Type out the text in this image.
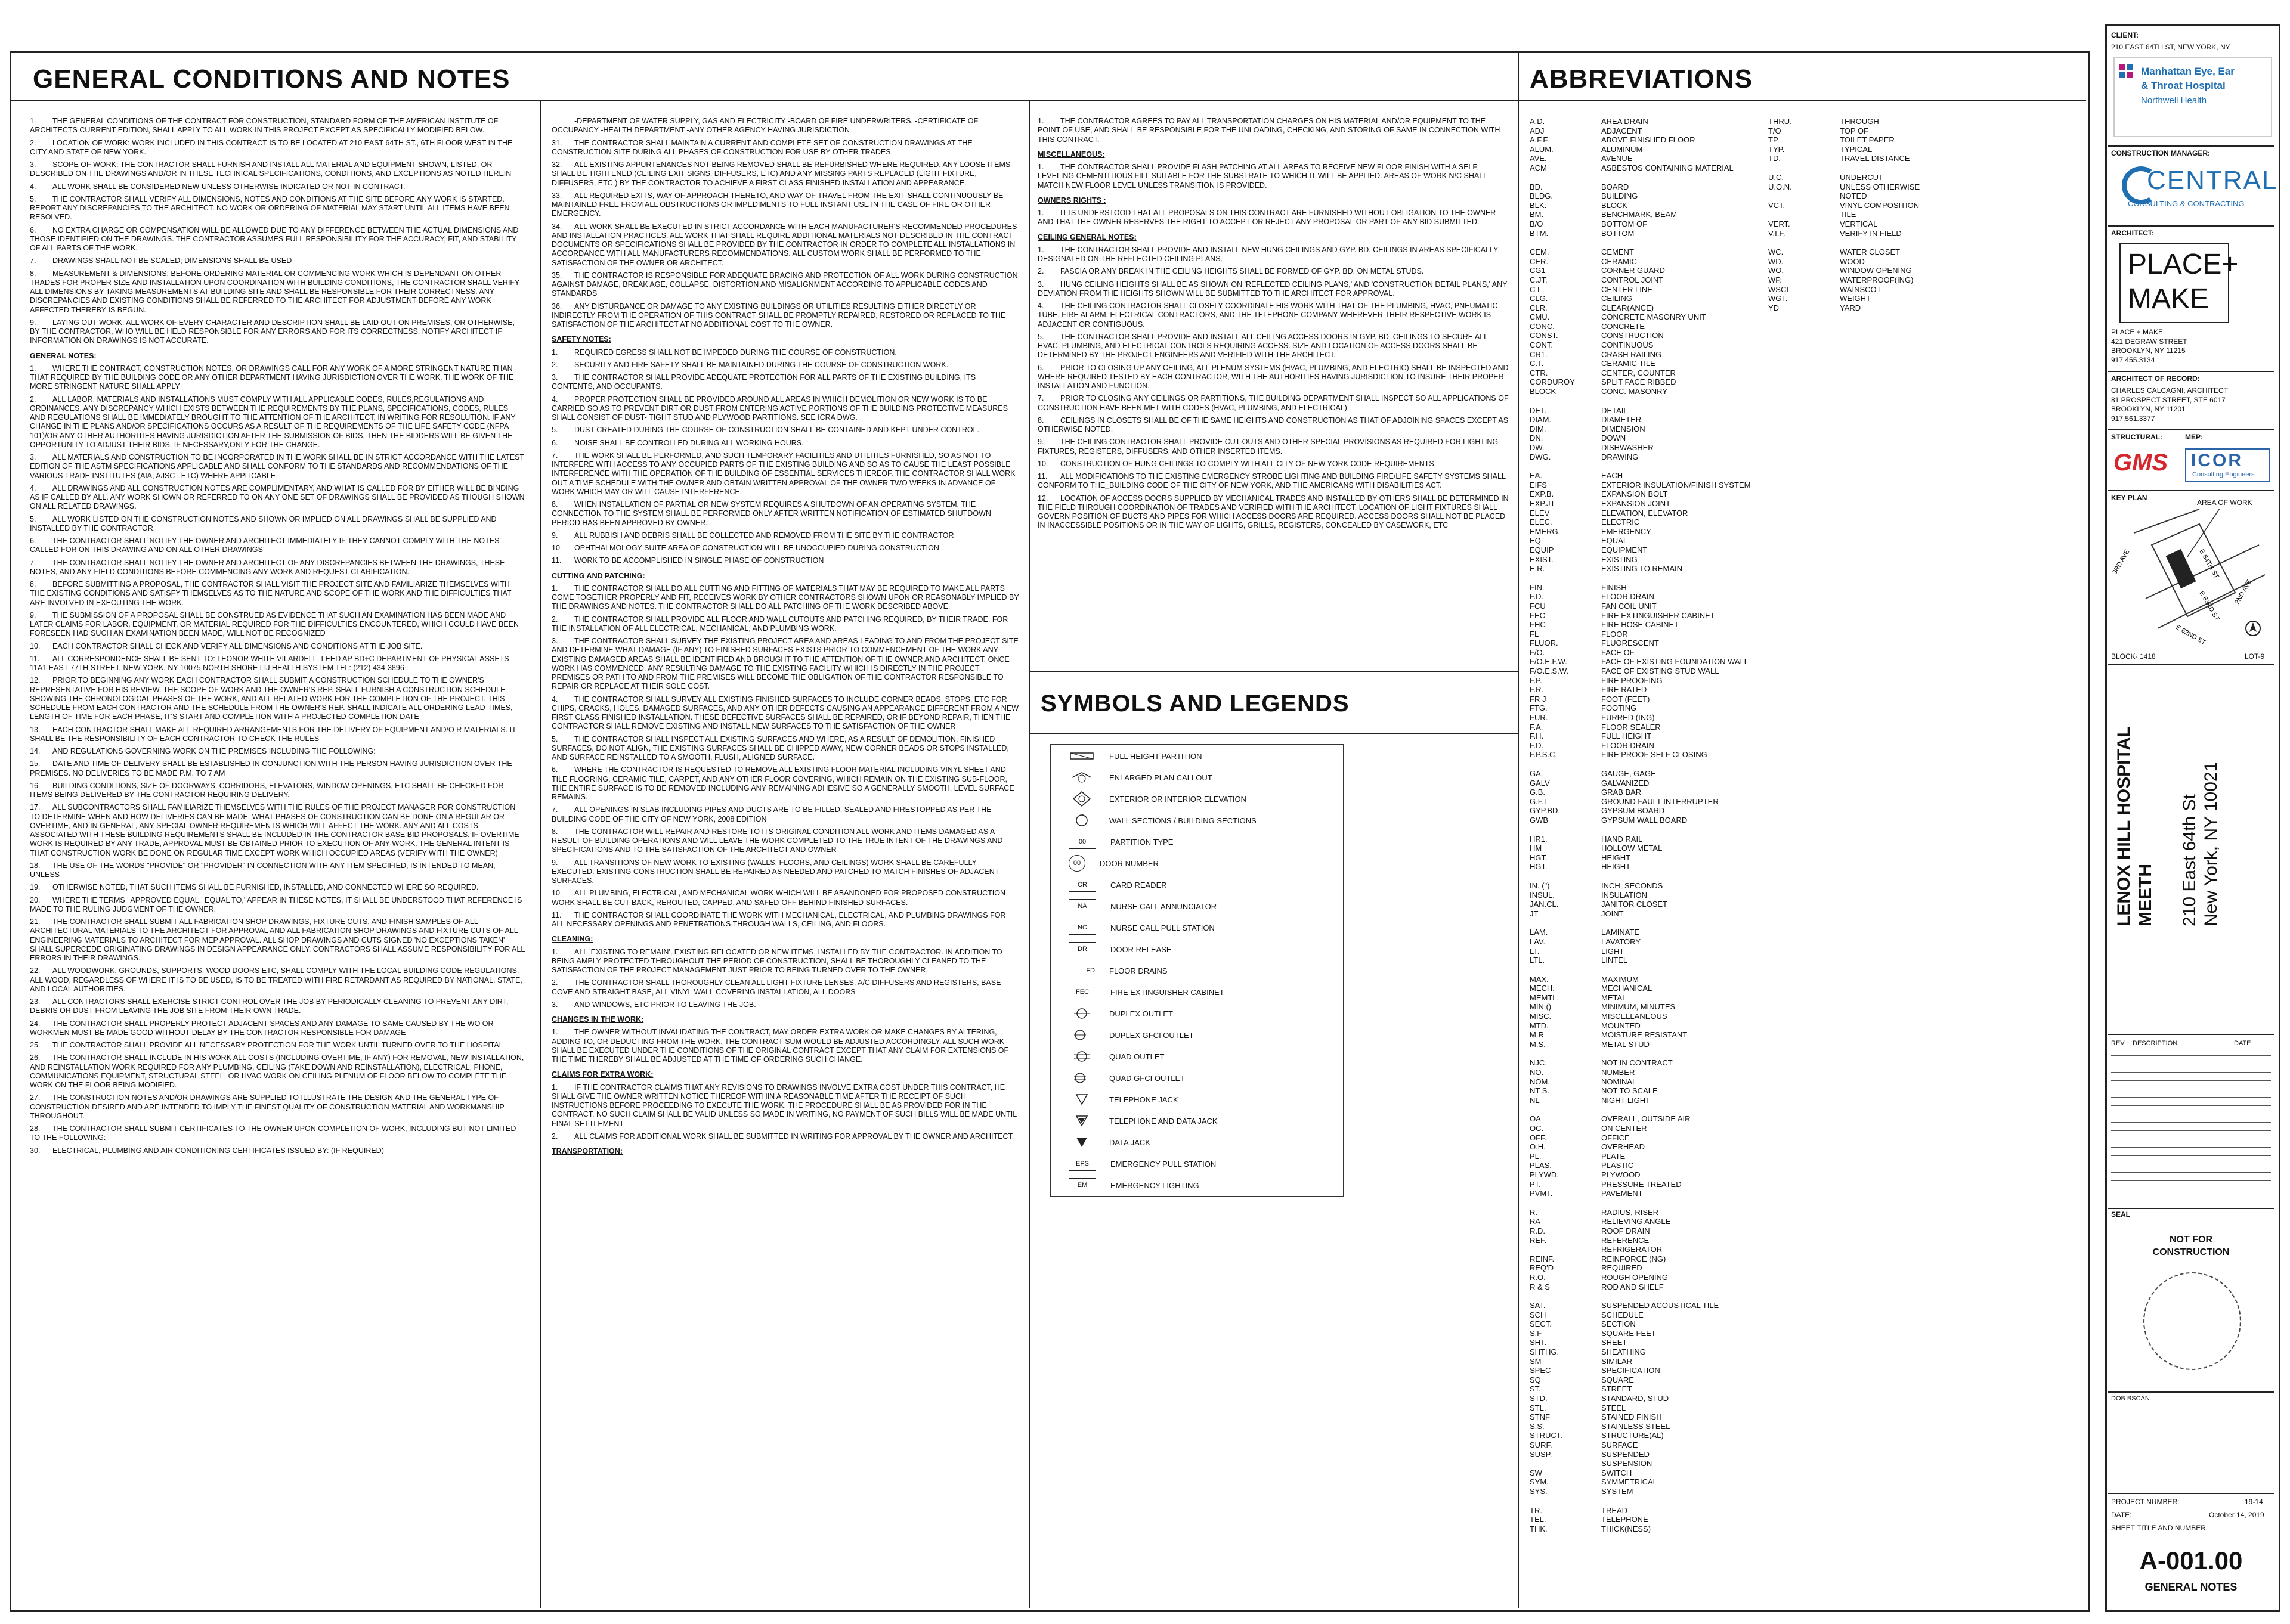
GENERAL CONDITIONS AND NOTES	ABBREVIATIONS

1. THE GENERAL CONDITIONS OF THE CONTRACT FOR CONSTRUCTION, STANDARD FORM OF THE AMERICAN INSTITUTE OF ARCHITECTS CURRENT EDITION, SHALL APPLY TO ALL WORK IN THIS PROJECT EXCEPT AS SPECIFICALLY MODIFIED BELOW.

2. LOCATION OF WORK: WORK INCLUDED IN THIS CONTRACT IS TO BE LOCATED AT 210 EAST 64TH ST., 6TH FLOOR WEST IN THE CITY AND STATE OF NEW YORK.

3. SCOPE OF WORK: THE CONTRACTOR SHALL FURNISH AND INSTALL ALL MATERIAL AND EQUIPMENT SHOWN, LISTED, OR DESCRIBED ON THE DRAWINGS AND/OR IN THESE TECHNICAL SPECIFICATIONS, CONDITIONS, AND EXCEPTIONS AS NOTED HEREIN

4. ALL WORK SHALL BE CONSIDERED NEW UNLESS OTHERWISE INDICATED OR NOT IN CONTRACT.

5. THE CONTRACTOR SHALL VERIFY ALL DIMENSIONS, NOTES AND CONDITIONS AT THE SITE BEFORE ANY WORK IS STARTED. REPORT ANY DISCREPANCIES TO THE ARCHITECT. NO WORK OR ORDERING OF MATERIAL MAY START UNTIL ALL ITEMS HAVE BEEN RESOLVED.

6. NO EXTRA CHARGE OR COMPENSATION WILL BE ALLOWED DUE TO ANY DIFFERENCE BETWEEN THE ACTUAL DIMENSIONS AND THOSE IDENTIFIED ON THE DRAWINGS. THE CONTRACTOR ASSUMES FULL RESPONSIBILITY FOR THE ACCURACY, FIT, AND STABILITY OF ALL PARTS OF THE WORK.

7. DRAWINGS SHALL NOT BE SCALED; DIMENSIONS SHALL BE USED

8. MEASUREMENT & DIMENSIONS: BEFORE ORDERING MATERIAL OR COMMENCING WORK WHICH IS DEPENDANT ON OTHER TRADES FOR PROPER SIZE AND INSTALLATION UPON COORDINATION WITH BUILDING CONDITIONS, THE CONTRACTOR SHALL VERIFY ALL DIMENSIONS BY TAKING MEASUREMENTS AT BUILDING SITE AND SHALL BE RESPONSIBLE FOR THEIR CORRECTNESS. ANY DISCREPANCIES AND EXISTING CONDITIONS SHALL BE REFERRED TO THE ARCHITECT FOR ADJUSTMENT BEFORE ANY WORK AFFECTED THEREBY IS BEGUN.

9. LAYING OUT WORK: ALL WORK OF EVERY CHARACTER AND DESCRIPTION SHALL BE LAID OUT ON PREMISES, OR OTHERWISE, BY THE CONTRACTOR, WHO WILL BE HELD RESPONSIBLE FOR ANY ERRORS AND FOR ITS CORRECTNESS. NOTIFY ARCHITECT IF INFORMATION ON DRAWINGS IS NOT ACCURATE.

GENERAL NOTES:

1. WHERE THE CONTRACT, CONSTRUCTION NOTES, OR DRAWINGS CALL FOR ANY WORK OF A MORE STRINGENT NATURE THAN THAT REQUIRED BY THE BUILDING CODE OR ANY OTHER DEPARTMENT HAVING JURISDICTION OVER THE WORK, THE WORK OF THE MORE STRINGENT NATURE SHALL APPLY

2. ALL LABOR, MATERIALS AND INSTALLATIONS MUST COMPLY WITH ALL APPLICABLE CODES, RULES,REGULATIONS AND ORDINANCES. ANY DISCREPANCY WHICH EXISTS BETWEEN THE REQUIREMENTS BY THE PLANS, SPECIFICATIONS, CODES, RULES AND REGULATIONS SHALL BE IMMEDIATELY BROUGHT TO THE ATTENTION OF THE ARCHITECT, IN WRITING FOR RESOLUTION. IF ANY CHANGE IN THE PLANS AND/OR SPECIFICATIONS OCCURS AS A RESULT OF THE REQUIREMENTS OF THE LIFE SAFETY CODE (NFPA 101)/OR ANY OTHER AUTHORITIES HAVING JURISDICTION AFTER THE SUBMISSION OF BIDS, THEN THE BIDDERS WILL BE GIVEN THE OPPORTUNITY TO ADJUST THEIR BIDS, IF NECESSARY,ONLY FOR THE CHANGE.

3. ALL MATERIALS AND CONSTRUCTION TO BE INCORPORATED IN THE WORK SHALL BE IN STRICT ACCORDANCE WITH THE LATEST EDITION OF THE ASTM SPECIFICATIONS APPLICABLE AND SHALL CONFORM TO THE STANDARDS AND RECOMMENDATIONS OF THE VARIOUS TRADE INSTITUTES (AIA, AJSC , ETC) WHERE APPLICABLE

4. ALL DRAWINGS AND ALL CONSTRUCTION NOTES ARE COMPLIMENTARY, AND WHAT IS CALLED FOR BY EITHER WILL BE BINDING AS IF CALLED BY ALL. ANY WORK SHOWN OR REFERRED TO ON ANY ONE SET OF DRAWINGS SHALL BE PROVIDED AS THOUGH SHOWN ON ALL RELATED DRAWINGS.

5. ALL WORK LISTED ON THE CONSTRUCTION NOTES AND SHOWN OR IMPLIED ON ALL DRAWINGS SHALL BE SUPPLIED AND INSTALLED BY THE CONTRACTOR.

6. THE CONTRACTOR SHALL NOTIFY THE OWNER AND ARCHITECT IMMEDIATELY IF THEY CANNOT COMPLY WITH THE NOTES CALLED FOR ON THIS DRAWING AND ON ALL OTHER DRAWINGS

7. THE CONTRACTOR SHALL NOTIFY THE OWNER AND ARCHITECT OF ANY DISCREPANCIES BETWEEN THE DRAWINGS, THESE NOTES, AND ANY FIELD CONDITIONS BEFORE COMMENCING ANY WORK AND REQUEST CLARIFICATION.

8. BEFORE SUBMITTING A PROPOSAL, THE CONTRACTOR SHALL VISIT THE PROJECT SITE AND FAMILIARIZE THEMSELVES WITH THE EXISTING CONDITIONS AND SATISFY THEMSELVES AS TO THE NATURE AND SCOPE OF THE WORK AND THE DIFFICULTIES THAT ARE INVOLVED IN EXECUTING THE WORK.

9. THE SUBMISSION OF A PROPOSAL SHALL BE CONSTRUED AS EVIDENCE THAT SUCH AN EXAMINATION HAS BEEN MADE AND LATER CLAIMS FOR LABOR, EQUIPMENT, OR MATERIAL REQUIRED FOR THE DIFFICULTIES ENCOUNTERED, WHICH COULD HAVE BEEN FORESEEN HAD SUCH AN EXAMINATION BEEN MADE, WILL NOT BE RECOGNIZED

10. EACH CONTRACTOR SHALL CHECK AND VERIFY ALL DIMENSIONS AND CONDITIONS AT THE JOB SITE.

11. ALL CORRESPONDENCE SHALL BE SENT TO: LEONOR WHITE VILARDELL, LEED AP BD+C DEPARTMENT OF PHYSICAL ASSETS 11A1 EAST 77TH STREET, NEW YORK, NY 10075 NORTH SHORE LIJ HEALTH SYSTEM TEL: (212) 434-3896

12. PRIOR TO BEGINNING ANY WORK EACH CONTRACTOR SHALL SUBMIT A CONSTRUCTION SCHEDULE TO THE OWNER'S REPRESENTATIVE FOR HIS REVIEW. THE SCOPE OF WORK AND THE OWNER'S REP. SHALL FURNISH A CONSTRUCTION SCHEDULE SHOWING THE CHRONOLOGICAL PHASES OF THE WORK, AND ALL RELATED WORK FOR THE COMPLETION OF THE PROJECT. THIS SCHEDULE FROM EACH CONTRACTOR AND THE SCHEDULE FROM THE OWNER'S REP. SHALL INDICATE ALL ORDERING LEAD-TIMES, LENGTH OF TIME FOR EACH PHASE, IT'S START AND COMPLETION WITH A PROJECTED COMPLETION DATE

13. EACH CONTRACTOR SHALL MAKE ALL REQUIRED ARRANGEMENTS FOR THE DELIVERY OF EQUIPMENT AND/O R MATERIALS. IT SHALL BE THE RESPONSIBILITY OF EACH CONTRACTOR TO CHECK THE RULES

14. AND REGULATIONS GOVERNING WORK ON THE PREMISES INCLUDING THE FOLLOWING:

15. DATE AND TIME OF DELIVERY SHALL BE ESTABLISHED IN CONJUNCTION WITH THE PERSON HAVING JURISDICTION OVER THE PREMISES. NO DELIVERIES TO BE MADE P.M. TO 7 AM

16. BUILDING CONDITIONS, SIZE OF DOORWAYS, CORRIDORS, ELEVATORS, WINDOW OPENINGS, ETC SHALL BE CHECKED FOR ITEMS BEING DELIVERED BY THE CONTRACTOR REQUIRING DELIVERY.

17. ALL SUBCONTRACTORS SHALL FAMILIARIZE THEMSELVES WITH THE RULES OF THE PROJECT MANAGER FOR CONSTRUCTION TO DETERMINE WHEN AND HOW DELIVERIES CAN BE MADE, WHAT PHASES OF CONSTRUCTION CAN BE DONE ON A REGULAR OR OVERTIME, AND IN GENERAL, ANY SPECIAL OWNER REQUIREMENTS WHICH WILL AFFECT THE WORK. ANY AND ALL COSTS ASSOCIATED WITH THESE BUILDING REQUIREMENTS SHALL BE INCLUDED IN THE CONTRACTOR BASE BID PROPOSALS. IF OVERTIME WORK IS REQUIRED BY ANY TRADE, APPROVAL MUST BE OBTAINED PRIOR TO EXECUTION OF ANY WORK. THE GENERAL INTENT IS THAT CONSTRUCTION WORK BE DONE ON REGULAR TIME EXCEPT WORK WHICH OCCUPIED AREAS (VERIFY WITH THE OWNER)

18. THE USE OF THE WORDS "PROVIDE" OR "PROVIDER" IN CONNECTION WITH ANY ITEM SPECIFIED, IS INTENDED TO MEAN, UNLESS

19. OTHERWISE NOTED, THAT SUCH ITEMS SHALL BE FURNISHED, INSTALLED, AND CONNECTED WHERE SO REQUIRED.

20. WHERE THE TERMS ' APPROVED EQUAL,' EQUAL TO,' APPEAR IN THESE NOTES, IT SHALL BE UNDERSTOOD THAT REFERENCE IS MADE TO THE RULING JUDGMENT OF THE OWNER.

21. THE CONTRACTOR SHALL SUBMIT ALL FABRICATION SHOP DRAWINGS, FIXTURE CUTS, AND FINISH SAMPLES OF ALL ARCHITECTURAL MATERIALS TO THE ARCHITECT FOR APPROVAL AND ALL FABRICATION SHOP DRAWINGS AND FIXTURE CUTS OF ALL ENGINEERING MATERIALS TO ARCHITECT FOR MEP APPROVAL. ALL SHOP DRAWINGS AND CUTS SIGNED 'NO EXCEPTIONS TAKEN' SHALL SUPERCEDE ORIGINATING DRAWINGS IN DESIGN APPEARANCE ONLY. CONTRACTORS SHALL ASSUME RESPONSIBILITY FOR ALL ERRORS IN THEIR DRAWINGS.

22. ALL WOODWORK, GROUNDS, SUPPORTS, WOOD DOORS ETC, SHALL COMPLY WITH THE LOCAL BUILDING CODE REGULATIONS. ALL WOOD, REGARDLESS OF WHERE IT IS TO BE USED, IS TO BE TREATED WITH FIRE RETARDANT AS REQUIRED BY NATIONAL, STATE, AND LOCAL AUTHORITIES.

23. ALL CONTRACTORS SHALL EXERCISE STRICT CONTROL OVER THE JOB BY PERIODICALLY CLEANING TO PREVENT ANY DIRT, DEBRIS OR DUST FROM LEAVING THE JOB SITE FROM THEIR OWN TRADE.

24. THE CONTRACTOR SHALL PROPERLY PROTECT ADJACENT SPACES AND ANY DAMAGE TO SAME CAUSED BY THE WO OR WORKMEN MUST BE MADE GOOD WITHOUT DELAY BY THE CONTRACTOR RESPONSIBLE FOR DAMAGE

25. THE CONTRACTOR SHALL PROVIDE ALL NECESSARY PROTECTION FOR THE WORK UNTIL TURNED OVER TO THE HOSPITAL

26. THE CONTRACTOR SHALL INCLUDE IN HIS WORK ALL COSTS (INCLUDING OVERTIME, IF ANY) FOR REMOVAL, NEW INSTALLATION, AND REINSTALLATION WORK REQUIRED FOR ANY PLUMBING, CEILING (TAKE DOWN AND REINSTALLATION), ELECTRICAL, PHONE, COMMUNICATIONS EQUIPMENT, STRUCTURAL STEEL, OR HVAC WORK ON CEILING PLENUM OF FLOOR BELOW TO COMPLETE THE WORK ON THE FLOOR BEING MODIFIED.

27. THE CONSTRUCTION NOTES AND/OR DRAWINGS ARE SUPPLIED TO ILLUSTRATE THE DESIGN AND THE GENERAL TYPE OF CONSTRUCTION DESIRED AND ARE INTENDED TO IMPLY THE FINEST QUALITY OF CONSTRUCTION MATERIAL AND WORKMANSHIP THROUGHOUT.

28. THE CONTRACTOR SHALL SUBMIT CERTIFICATES TO THE OWNER UPON COMPLETION OF WORK, INCLUDING BUT NOT LIMITED TO THE FOLLOWING:

30. ELECTRICAL, PLUMBING AND AIR CONDITIONING CERTIFICATES ISSUED BY: (IF REQUIRED)

-DEPARTMENT OF WATER SUPPLY, GAS AND ELECTRICITY -BOARD OF FIRE UNDERWRITERS. -CERTIFICATE OF OCCUPANCY -HEALTH DEPARTMENT -ANY OTHER AGENCY HAVING JURISDICTION

31. THE CONTRACTOR SHALL MAINTAIN A CURRENT AND COMPLETE SET OF CONSTRUCTION DRAWINGS AT THE CONSTRUCTION SITE DURING ALL PHASES OF CONSTRUCTION FOR USE BY OTHER TRADES.

32. ALL EXISTING APPURTENANCES NOT BEING REMOVED SHALL BE REFURBISHED WHERE REQUIRED. ANY LOOSE ITEMS SHALL BE TIGHTENED (CEILING EXIT SIGNS, DIFFUSERS, ETC) AND ANY MISSING PARTS REPLACED (LIGHT FIXTURE, DIFFUSERS, ETC.) BY THE CONTRACTOR TO ACHIEVE A FIRST CLASS FINISHED INSTALLATION AND APPEARANCE.

33. ALL REQUIRED EXITS, WAY OF APPROACH THERETO, AND WAY OF TRAVEL FROM THE EXIT SHALL CONTINUOUSLY BE MAINTAINED FREE FROM ALL OBSTRUCTIONS OR IMPEDIMENTS TO FULL INSTANT USE IN THE CASE OF FIRE OR OTHER EMERGENCY.

34. ALL WORK SHALL BE EXECUTED IN STRICT ACCORDANCE WITH EACH MANUFACTURER'S RECOMMENDED PROCEDURES AND INSTALLATION PRACTICES. ALL WORK THAT SHALL REQUIRE ADDITIONAL MATERIALS NOT DESCRIBED IN THE CONTRACT DOCUMENTS OR SPECIFICATIONS SHALL BE PROVIDED BY THE CONTRACTOR IN ORDER TO COMPLETE ALL INSTALLATIONS IN ACCORDANCE WITH ALL MANUFACTURERS RECOMMENDATIONS. ALL CUSTOM WORK SHALL BE PERFORMED TO THE SATISFACTION OF THE OWNER OR ARCHITECT.

35. THE CONTRACTOR IS RESPONSIBLE FOR ADEQUATE BRACING AND PROTECTION OF ALL WORK DURING CONSTRUCTION AGAINST DAMAGE, BREAK AGE, COLLAPSE, DISTORTION AND MISALIGNMENT ACCORDING TO APPLICABLE CODES AND STANDARDS

36. ANY DISTURBANCE OR DAMAGE TO ANY EXISTING BUILDINGS OR UTILITIES RESULTING EITHER DIRECTLY OR INDIRECTLY FROM THE OPERATION OF THIS CONTRACT SHALL BE PROMPTLY REPAIRED, RESTORED OR REPLACED TO THE SATISFACTION OF THE ARCHITECT AT NO ADDITIONAL COST TO THE OWNER.

SAFETY NOTES:

1. REQUIRED EGRESS SHALL NOT BE IMPEDED DURING THE COURSE OF CONSTRUCTION.

2. SECURITY AND FIRE SAFETY SHALL BE MAINTAINED DURING THE COURSE OF CONSTRUCTION WORK.

3. THE CONTRACTOR SHALL PROVIDE ADEQUATE PROTECTION FOR ALL PARTS OF THE EXISTING BUILDING, ITS CONTENTS, AND OCCUPANTS.

4. PROPER PROTECTION SHALL BE PROVIDED AROUND ALL AREAS IN WHICH DEMOLITION OR NEW WORK IS TO BE CARRIED SO AS TO PREVENT DIRT OR DUST FROM ENTERING ACTIVE PORTIONS OF THE BUILDING PROTECTIVE MEASURES SHALL CONSIST OF DUST- TIGHT STUD AND PLYWOOD PARTITIONS. SEE ICRA DWG.

5. DUST CREATED DURING THE COURSE OF CONSTRUCTION SHALL BE CONTAINED AND KEPT UNDER CONTROL.

6. NOISE SHALL BE CONTROLLED DURING ALL WORKING HOURS.

7. THE WORK SHALL BE PERFORMED, AND SUCH TEMPORARY FACILITIES AND UTILITIES FURNISHED, SO AS NOT TO INTERFERE WITH ACCESS TO ANY OCCUPIED PARTS OF THE EXISTING BUILDING AND SO AS TO CAUSE THE LEAST POSSIBLE INTERFERENCE WITH THE OPERATION OF THE BUILDING OF ESSENTIAL SERVICES THEREOF. THE CONTRACTOR SHALL WORK OUT A TIME SCHEDULE WITH THE OWNER AND OBTAIN WRITTEN APPROVAL OF THE OWNER TWO WEEKS IN ADVANCE OF WORK WHICH MAY OR WILL CAUSE INTERFERENCE.

8. WHEN INSTALLATION OF PARTIAL OR NEW SYSTEM REQUIRES A SHUTDOWN OF AN OPERATING SYSTEM. THE CONNECTION TO THE SYSTEM SHALL BE PERFORMED ONLY AFTER WRITTEN NOTIFICATION OF ESTIMATED SHUTDOWN PERIOD HAS BEEN APPROVED BY OWNER.

9. ALL RUBBISH AND DEBRIS SHALL BE COLLECTED AND REMOVED FROM THE SITE BY THE CONTRACTOR

10. OPHTHALMOLOGY SUITE AREA OF CONSTRUCTION WILL BE UNOCCUPIED DURING CONSTRUCTION

11. WORK TO BE ACCOMPLISHED IN SINGLE PHASE OF CONSTRUCTION

CUTTING AND PATCHING:

1. THE CONTRACTOR SHALL DO ALL CUTTING AND FITTING OF MATERIALS THAT MAY BE REQUIRED TO MAKE ALL PARTS COME TOGETHER PROPERLY AND FIT, RECEIVES WORK BY OTHER CONTRACTORS SHOWN UPON OR REASONABLY IMPLIED BY THE DRAWINGS AND NOTES. THE CONTRACTOR SHALL DO ALL PATCHING OF THE WORK DESCRIBED ABOVE.

2. THE CONTRACTOR SHALL PROVIDE ALL FLOOR AND WALL CUTOUTS AND PATCHING REQUIRED, BY THEIR TRADE, FOR THE INSTALLATION OF ALL ELECTRICAL, MECHANICAL, AND PLUMBING WORK.

3. THE CONTRACTOR SHALL SURVEY THE EXISTING PROJECT AREA AND AREAS LEADING TO AND FROM THE PROJECT SITE AND DETERMINE WHAT DAMAGE (IF ANY) TO FINISHED SURFACES EXISTS PRIOR TO COMMENCEMENT OF THE WORK ANY EXISTING DAMAGED AREAS SHALL BE IDENTIFIED AND BROUGHT TO THE ATTENTION OF THE OWNER AND ARCHITECT. ONCE WORK HAS COMMENCED, ANY RESULTING DAMAGE TO THE EXISTING FACILITY WHICH IS DIRECTLY IN THE PROJECT PREMISES OR PATH TO AND FROM THE PREMISES WILL BECOME THE OBLIGATION OF THE CONTRACTOR RESPONSIBLE TO REPAIR OR REPLACE AT THEIR SOLE COST.

4. THE CONTRACTOR SHALL SURVEY ALL EXISTING FINISHED SURFACES TO INCLUDE CORNER BEADS, STOPS, ETC FOR CHIPS, CRACKS, HOLES, DAMAGED SURFACES, AND ANY OTHER DEFECTS CAUSING AN APPEARANCE DIFFERENT FROM A NEW FIRST CLASS FINISHED INSTALLATION. THESE DEFECTIVE SURFACES SHALL BE REPAIRED, OR IF BEYOND REPAIR, THEN THE CONTRACTOR SHALL REMOVE EXISTING AND INSTALL NEW SURFACES TO THE SATISFACTION OF THE OWNER

5. THE CONTRACTOR SHALL INSPECT ALL EXISTING SURFACES AND WHERE, AS A RESULT OF DEMOLITION, FINISHED SURFACES, DO NOT ALIGN, THE EXISTING SURFACES SHALL BE CHIPPED AWAY, NEW CORNER BEADS OR STOPS INSTALLED, AND SURFACE REINSTALLED TO A SMOOTH, FLUSH, ALIGNED SURFACE.

6. WHERE THE CONTRACTOR IS REQUESTED TO REMOVE ALL EXISTING FLOOR MATERIAL INCLUDING VINYL SHEET AND TILE FLOORING, CERAMIC TILE, CARPET, AND ANY OTHER FLOOR COVERING, WHICH REMAIN ON THE EXISTING SUB-FLOOR, THE ENTIRE SURFACE IS TO BE REMOVED INCLUDING ANY REMAINING ADHESIVE SO A GENERALLY SMOOTH, LEVEL SURFACE REMAINS.

7. ALL OPENINGS IN SLAB INCLUDING PIPES AND DUCTS ARE TO BE FILLED, SEALED AND FIRESTOPPED AS PER THE BUILDING CODE OF THE CITY OF NEW YORK, 2008 EDITION

8. THE CONTRACTOR WILL REPAIR AND RESTORE TO ITS ORIGINAL CONDITION ALL WORK AND ITEMS DAMAGED AS A RESULT OF BUILDING OPERATIONS AND WILL LEAVE THE WORK COMPLETED TO THE TRUE INTENT OF THE DRAWINGS AND SPECIFICATIONS AND TO THE SATISFACTION OF THE ARCHITECT AND OWNER

9. ALL TRANSITIONS OF NEW WORK TO EXISTING (WALLS, FLOORS, AND CEILINGS) WORK SHALL BE CAREFULLY EXECUTED. EXISTING CONSTRUCTION SHALL BE REPAIRED AS NEEDED AND PATCHED TO MATCH FINISHES OF ADJACENT SURFACES.

10. ALL PLUMBING, ELECTRICAL, AND MECHANICAL WORK WHICH WILL BE ABANDONED FOR PROPOSED CONSTRUCTION WORK SHALL BE CUT BACK, REROUTED, CAPPED, AND SAFED-OFF BEHIND FINISHED SURFACES.

11. THE CONTRACTOR SHALL COORDINATE THE WORK WITH MECHANICAL, ELECTRICAL, AND PLUMBING DRAWINGS FOR ALL NECESSARY OPENINGS AND PENETRATIONS THROUGH WALLS, CEILING, AND FLOORS.

CLEANING:

1. ALL 'EXISTING TO REMAIN', EXISTING RELOCATED OR NEW ITEMS, INSTALLED BY THE CONTRACTOR. IN ADDITION TO BEING AMPLY PROTECTED THROUGHOUT THE PERIOD OF CONSTRUCTION, SHALL BE THOROUGHLY CLEANED TO THE SATISFACTION OF THE PROJECT MANAGEMENT JUST PRIOR TO BEING TURNED OVER TO THE OWNER.

2. THE CONTRACTOR SHALL THOROUGHLY CLEAN ALL LIGHT FIXTURE LENSES, A/C DIFFUSERS AND REGISTERS, BASE COVE AND STRAIGHT BASE, ALL VINYL WALL COVERING INSTALLATION, ALL DOORS

3. AND WINDOWS, ETC PRIOR TO LEAVING THE JOB.

CHANGES IN THE WORK:

1. THE OWNER WITHOUT INVALIDATING THE CONTRACT, MAY ORDER EXTRA WORK OR MAKE CHANGES BY ALTERING, ADDING TO, OR DEDUCTING FROM THE WORK, THE CONTRACT SUM WOULD BE ADJUSTED ACCORDINGLY. ALL SUCH WORK SHALL BE EXECUTED UNDER THE CONDITIONS OF THE ORIGINAL CONTRACT EXCEPT THAT ANY CLAIM FOR EXTENSIONS OF THE TIME THEREBY SHALL BE ADJUSTED AT THE TIME OF ORDERING SUCH CHANGE.

CLAIMS FOR EXTRA WORK:

1. IF THE CONTRACTOR CLAIMS THAT ANY REVISIONS TO DRAWINGS INVOLVE EXTRA COST UNDER THIS CONTRACT, HE SHALL GIVE THE OWNER WRITTEN NOTICE THEREOF WITHIN A REASONABLE TIME AFTER THE RECEIPT OF SUCH INSTRUCTIONS BEFORE PROCEEDING TO EXECUTE THE WORK. THE PROCEDURE SHALL BE AS PROVIDED FOR IN THE CONTRACT. NO SUCH CLAIM SHALL BE VALID UNLESS SO MADE IN WRITING, NO PAYMENT OF SUCH BILLS WILL BE MADE UNTIL FINAL SETTLEMENT.

2. ALL CLAIMS FOR ADDITIONAL WORK SHALL BE SUBMITTED IN WRITING FOR APPROVAL BY THE OWNER AND ARCHITECT.

TRANSPORTATION:

1. THE CONTRACTOR AGREES TO PAY ALL TRANSPORTATION CHARGES ON HIS MATERIAL AND/OR EQUIPMENT TO THE POINT OF USE, AND SHALL BE RESPONSIBLE FOR THE UNLOADING, CHECKING, AND STORING OF SAME IN CONNECTION WITH THIS CONTRACT.

MISCELLANEOUS:

1. THE CONTRACTOR SHALL PROVIDE FLASH PATCHING AT ALL AREAS TO RECEIVE NEW FLOOR FINISH WITH A SELF LEVELING CEMENTITIOUS FILL SUITABLE FOR THE SUBSTRATE TO WHICH IT WILL BE APPLIED. AREAS OF WORK N/C SHALL MATCH NEW FLOOR LEVEL UNLESS TRANSITION IS PROVIDED.

OWNERS RIGHTS :

1. IT IS UNDERSTOOD THAT ALL PROPOSALS ON THIS CONTRACT ARE FURNISHED WITHOUT OBLIGATION TO THE OWNER AND THAT THE OWNER RESERVES THE RIGHT TO ACCEPT OR REJECT ANY PROPOSAL OR PART OF ANY BID SUBMITTED.

CEILING GENERAL NOTES:

1. THE CONTRACTOR SHALL PROVIDE AND INSTALL NEW HUNG CEILINGS AND GYP. BD. CEILINGS IN AREAS SPECIFICALLY DESIGNATED ON THE REFLECTED CEILING PLANS.

2. FASCIA OR ANY BREAK IN THE CEILING HEIGHTS SHALL BE FORMED OF GYP. BD. ON METAL STUDS.

3. HUNG CEILING HEIGHTS SHALL BE AS SHOWN ON 'REFLECTED CEILING PLANS,' AND 'CONSTRUCTION DETAIL PLANS,' ANY DEVIATION FROM THE HEIGHTS SHOWN WILL BE SUBMITTED TO THE ARCHITECT FOR APPROVAL.

4. THE CEILING CONTRACTOR SHALL CLOSELY COORDINATE HIS WORK WITH THAT OF THE PLUMBING, HVAC, PNEUMATIC TUBE, FIRE ALARM, ELECTRICAL CONTRACTORS, AND THE TELEPHONE COMPANY WHEREVER THEIR RESPECTIVE WORK IS ADJACENT OR CONTIGUOUS.

5. THE CONTRACTOR SHALL PROVIDE AND INSTALL ALL CEILING ACCESS DOORS IN GYP. BD. CEILINGS TO SECURE ALL HVAC, PLUMBING, AND ELECTRICAL CONTROLS REQUIRING ACCESS. SIZE AND LOCATION OF ACCESS DOORS SHALL BE DETERMINED BY THE PROJECT ENGINEERS AND VERIFIED WITH THE ARCHITECT.

6. PRIOR TO CLOSING UP ANY CEILING, ALL PLENUM SYSTEMS (HVAC, PLUMBING, AND ELECTRIC) SHALL BE INSPECTED AND WHERE REQUIRED TESTED BY EACH CONTRACTOR, WITH THE AUTHORITIES HAVING JURISDICTION TO INSURE THEIR PROPER INSTALLATION AND FUNCTION.

7. PRIOR TO CLOSING ANY CEILINGS OR PARTITIONS, THE BUILDING DEPARTMENT SHALL INSPECT SO ALL APPLICATIONS OF CONSTRUCTION HAVE BEEN MET WITH CODES (HVAC, PLUMBING, AND ELECTRICAL)

8. CEILINGS IN CLOSETS SHALL BE OF THE SAME HEIGHTS AND CONSTRUCTION AS THAT OF ADJOINING SPACES EXCEPT AS OTHERWISE NOTED.

9. THE CEILING CONTRACTOR SHALL PROVIDE CUT OUTS AND OTHER SPECIAL PROVISIONS AS REQUIRED FOR LIGHTING FIXTURES, REGISTERS, DIFFUSERS, AND OTHER INSERTED ITEMS.

10. CONSTRUCTION OF HUNG CEILINGS TO COMPLY WITH ALL CITY OF NEW YORK CODE REQUIREMENTS.

11. ALL MODIFICATIONS TO THE EXISTING EMERGENCY STROBE LIGHTING AND BUILDING FIRE/LIFE SAFETY SYSTEMS SHALL CONFORM TO THE_BUILDING CODE OF THE CITY OF NEW YORK, AND THE AMERICANS WITH DISABILITIES ACT.

12. LOCATION OF ACCESS DOORS SUPPLIED BY MECHANICAL TRADES AND INSTALLED BY OTHERS SHALL BE DETERMINED IN THE FIELD THROUGH COORDINATION OF TRADES AND VERIFIED WITH THE ARCHITECT. LOCATION OF LIGHT FIXTURES SHALL GOVERN POSITION OF DUCTS AND PIPES FOR WHICH ACCESS DOORS ARE REQUIRED. ACCESS DOORS SHALL NOT BE PLACED IN INACCESSIBLE POSITIONS OR IN THE WAY OF LIGHTS, GRILLS, REGISTERS, CONCEALED BY CASEWORK, ETC

SYMBOLS AND LEGENDS
FULL HEIGHT PARTITION
ENLARGED PLAN CALLOUT
EXTERIOR OR INTERIOR ELEVATION
WALL SECTIONS / BUILDING SECTIONS
00	PARTITION TYPE
00	DOOR NUMBER
CR	CARD READER
NA	NURSE CALL ANNUNCIATOR
NC	NURSE CALL PULL STATION
DR	DOOR RELEASE
FD FLOOR DRAINS
FEC	FIRE EXTINGUISHER CABINET
DUPLEX OUTLET
DUPLEX GFCI OUTLET
QUAD OUTLET
QUAD GFCI OUTLET
TELEPHONE JACK
TELEPHONE AND DATA JACK
DATA JACK
EPS	EMERGENCY PULL STATION
EM	EMERGENCY LIGHTING
A.D.	AREA DRAIN
ADJ	ADJACENT
A.F.F.	ABOVE FINISHED FLOOR
ALUM.	ALUMINUM
AVE.	AVENUE
ACM	ASBESTOS CONTAINING MATERIAL
BD.	BOARD
BLDG.	BUILDING
BLK.	BLOCK
BM.	BENCHMARK, BEAM
B/O	BOTTOM OF
BTM.	BOTTOM
CEM.	CEMENT
CER.	CERAMIC
CG1	CORNER GUARD
C.JT.	CONTROL JOINT
C L	CENTER LINE
CLG.	CEILING
CLR.	CLEAR(ANCE)
CMU.	CONCRETE MASONRY UNIT
CONC.	CONCRETE
CONST.	CONSTRUCTION
CONT.	CONTINUOUS
CR1.	CRASH RAILING
C.T.	CERAMIC TILE
CTR.	CENTER, COUNTER
CORDUROY	SPLIT FACE RIBBED
BLOCK	CONC. MASONRY
DET.	DETAIL
DIAM.	DIAMETER
DIM.	DIMENSION
DN.	DOWN
DW.	DISHWASHER
DWG.	DRAWING
EA.	EACH
EIFS	EXTERIOR INSULATION/FINISH SYSTEM
EXP.B.	EXPANSION BOLT
EXP.JT	EXPANSION JOINT
ELEV	ELEVATION, ELEVATOR
ELEC.	ELECTRIC
EMERG.	EMERGENCY
EQ	EQUAL
EQUIP	EQUIPMENT
EXIST.	EXISTING
E.R.	EXISTING TO REMAIN
FIN.	FINISH
F.D.	FLOOR DRAIN
FCU	FAN COIL UNIT
FEC	FIRE EXTINGUISHER CABINET
FHC	FIRE HOSE CABINET
FL	FLOOR
FLUOR.	FLUORESCENT
F/O.	FACE OF
F/O.E.F.W.	FACE OF EXISTING FOUNDATION WALL
F/O.E.S.W.	FACE OF EXISTING STUD WALL
F.P.	FIRE PROOFING
F.R.	FIRE RATED
FR J	FOOT (FEET)
FTG.	FOOTING
FUR.	FURRED (ING)
F.A.	FLOOR SEALER
F.H.	FULL HEIGHT
F.D.	FLOOR DRAIN
F.P.S.C.	FIRE PROOF SELF CLOSING
GA.	GAUGE, GAGE
GALV	GALVANIZED
G.B.	GRAB BAR
G.F.I	GROUND FAULT INTERRUPTER
GYP.BD.	GYPSUM BOARD
GWB	GYPSUM WALL BOARD
HR1.	HAND RAIL
HM	HOLLOW METAL
HGT.	HEIGHT
HGT.	HEIGHT
IN. (")	INCH, SECONDS
INSUL.	INSULATION
JAN.CL.	JANITOR CLOSET
JT	JOINT
LAM.	LAMINATE
LAV.	LAVATORY
LT.	LIGHT
LTL.	LINTEL
MAX.	MAXIMUM
MECH.	MECHANICAL
MEMTL.	METAL
MIN.()	MINIMUM, MINUTES
MISC.	MISCELLANEOUS
MTD.	MOUNTED
M.R	MOISTURE RESISTANT
M.S.	METAL STUD
NJC.	NOT IN CONTRACT
NO.	NUMBER
NOM.	NOMINAL
NT S.	NOT TO SCALE
NL	NIGHT LIGHT
OA	OVERALL, OUTSIDE AIR
OC.	ON CENTER
OFF.	OFFICE
O.H.	OVERHEAD
PL.	PLATE
PLAS.	PLASTIC
PLYWD.	PLYWOOD
PT.	PRESSURE TREATED
PVMT.	PAVEMENT
R.	RADIUS, RISER
RA	RELIEVING ANGLE
R.D.	ROOF DRAIN
REF.	REFERENCE
REFRIGERATOR
REINF.	REINFORCE (NG)
REQ'D	REQUIRED
R.O.	ROUGH OPENING
R & S	ROD AND SHELF
SAT.	SUSPENDED ACOUSTICAL TILE
SCH	SCHEDULE
SECT.	SECTION
S.F	SQUARE FEET
SHT.	SHEET
SHTHG.	SHEATHING
SM	SIMILAR
SPEC	SPECIFICATION
SQ	SQUARE
ST.	STREET
STD.	STANDARD, STUD
STL.	STEEL
STNF	STAINED FINISH
S.S.	STAINLESS STEEL
STRUCT.	STRUCTURE(AL)
SURF.	SURFACE
SUSP.	SUSPENDED
SUSPENSION
SW	SWITCH
SYM.	SYMMETRICAL
SYS.	SYSTEM
TR.	TREAD
TEL.	TELEPHONE
THK.	THICK(NESS)
THRU.	THROUGH
T/O	TOP OF
TP.	TOILET PAPER
TYP.	TYPICAL
TD.	TRAVEL DISTANCE
U.C.	UNDERCUT
U.O.N.	UNLESS OTHERWISE
NOTED
VCT.	VINYL COMPOSITION
TILE
VERT.	VERTICAL
V.I.F.	VERIFY IN FIELD
WC.	WATER CLOSET
WD.	WOOD
WO.	WINDOW OPENING
WP.	WATERPROOF(ING)
WSCI	WAINSCOT
WGT.	WEIGHT
YD	YARD
CLIENT:
210 EAST 64TH ST, NEW YORK, NY
Manhattan Eye, Ear
& Throat Hospital
Northwell Health
CONSTRUCTION MANAGER:
CENTRAL
CONSULTING & CONTRACTING
ARCHITECT:
PLACE+
MAKE
PLACE + MAKE
421 DEGRAW STREET
BROOKLYN, NY 11215
917.455.3134
ARCHITECT OF RECORD:
CHARLES CALCAGNI, ARCHITECT
81 PROSPECT STREET, STE 6017
BROOKLYN, NY 11201
917.561.3377
STRUCTURAL:	MEP:
GMS ICOR
Consulting Engineers
KEY PLAN
AREA OF WORK
E 64TH ST
E 63RD ST
3RD AVE
2ND AVE
E 62ND ST
BLOCK- 1418	LOT-9
LENOX HILL HOSPITAL MEETH 210 East 64th St New York, NY 10021
REV	DESCRIPTION	DATE
SEAL
NOT FOR
CONSTRUCTION
DOB BSCAN
PROJECT NUMBER:	19-14
DATE:	October 14, 2019
SHEET TITLE AND NUMBER:
A-001.00
GENERAL NOTES
